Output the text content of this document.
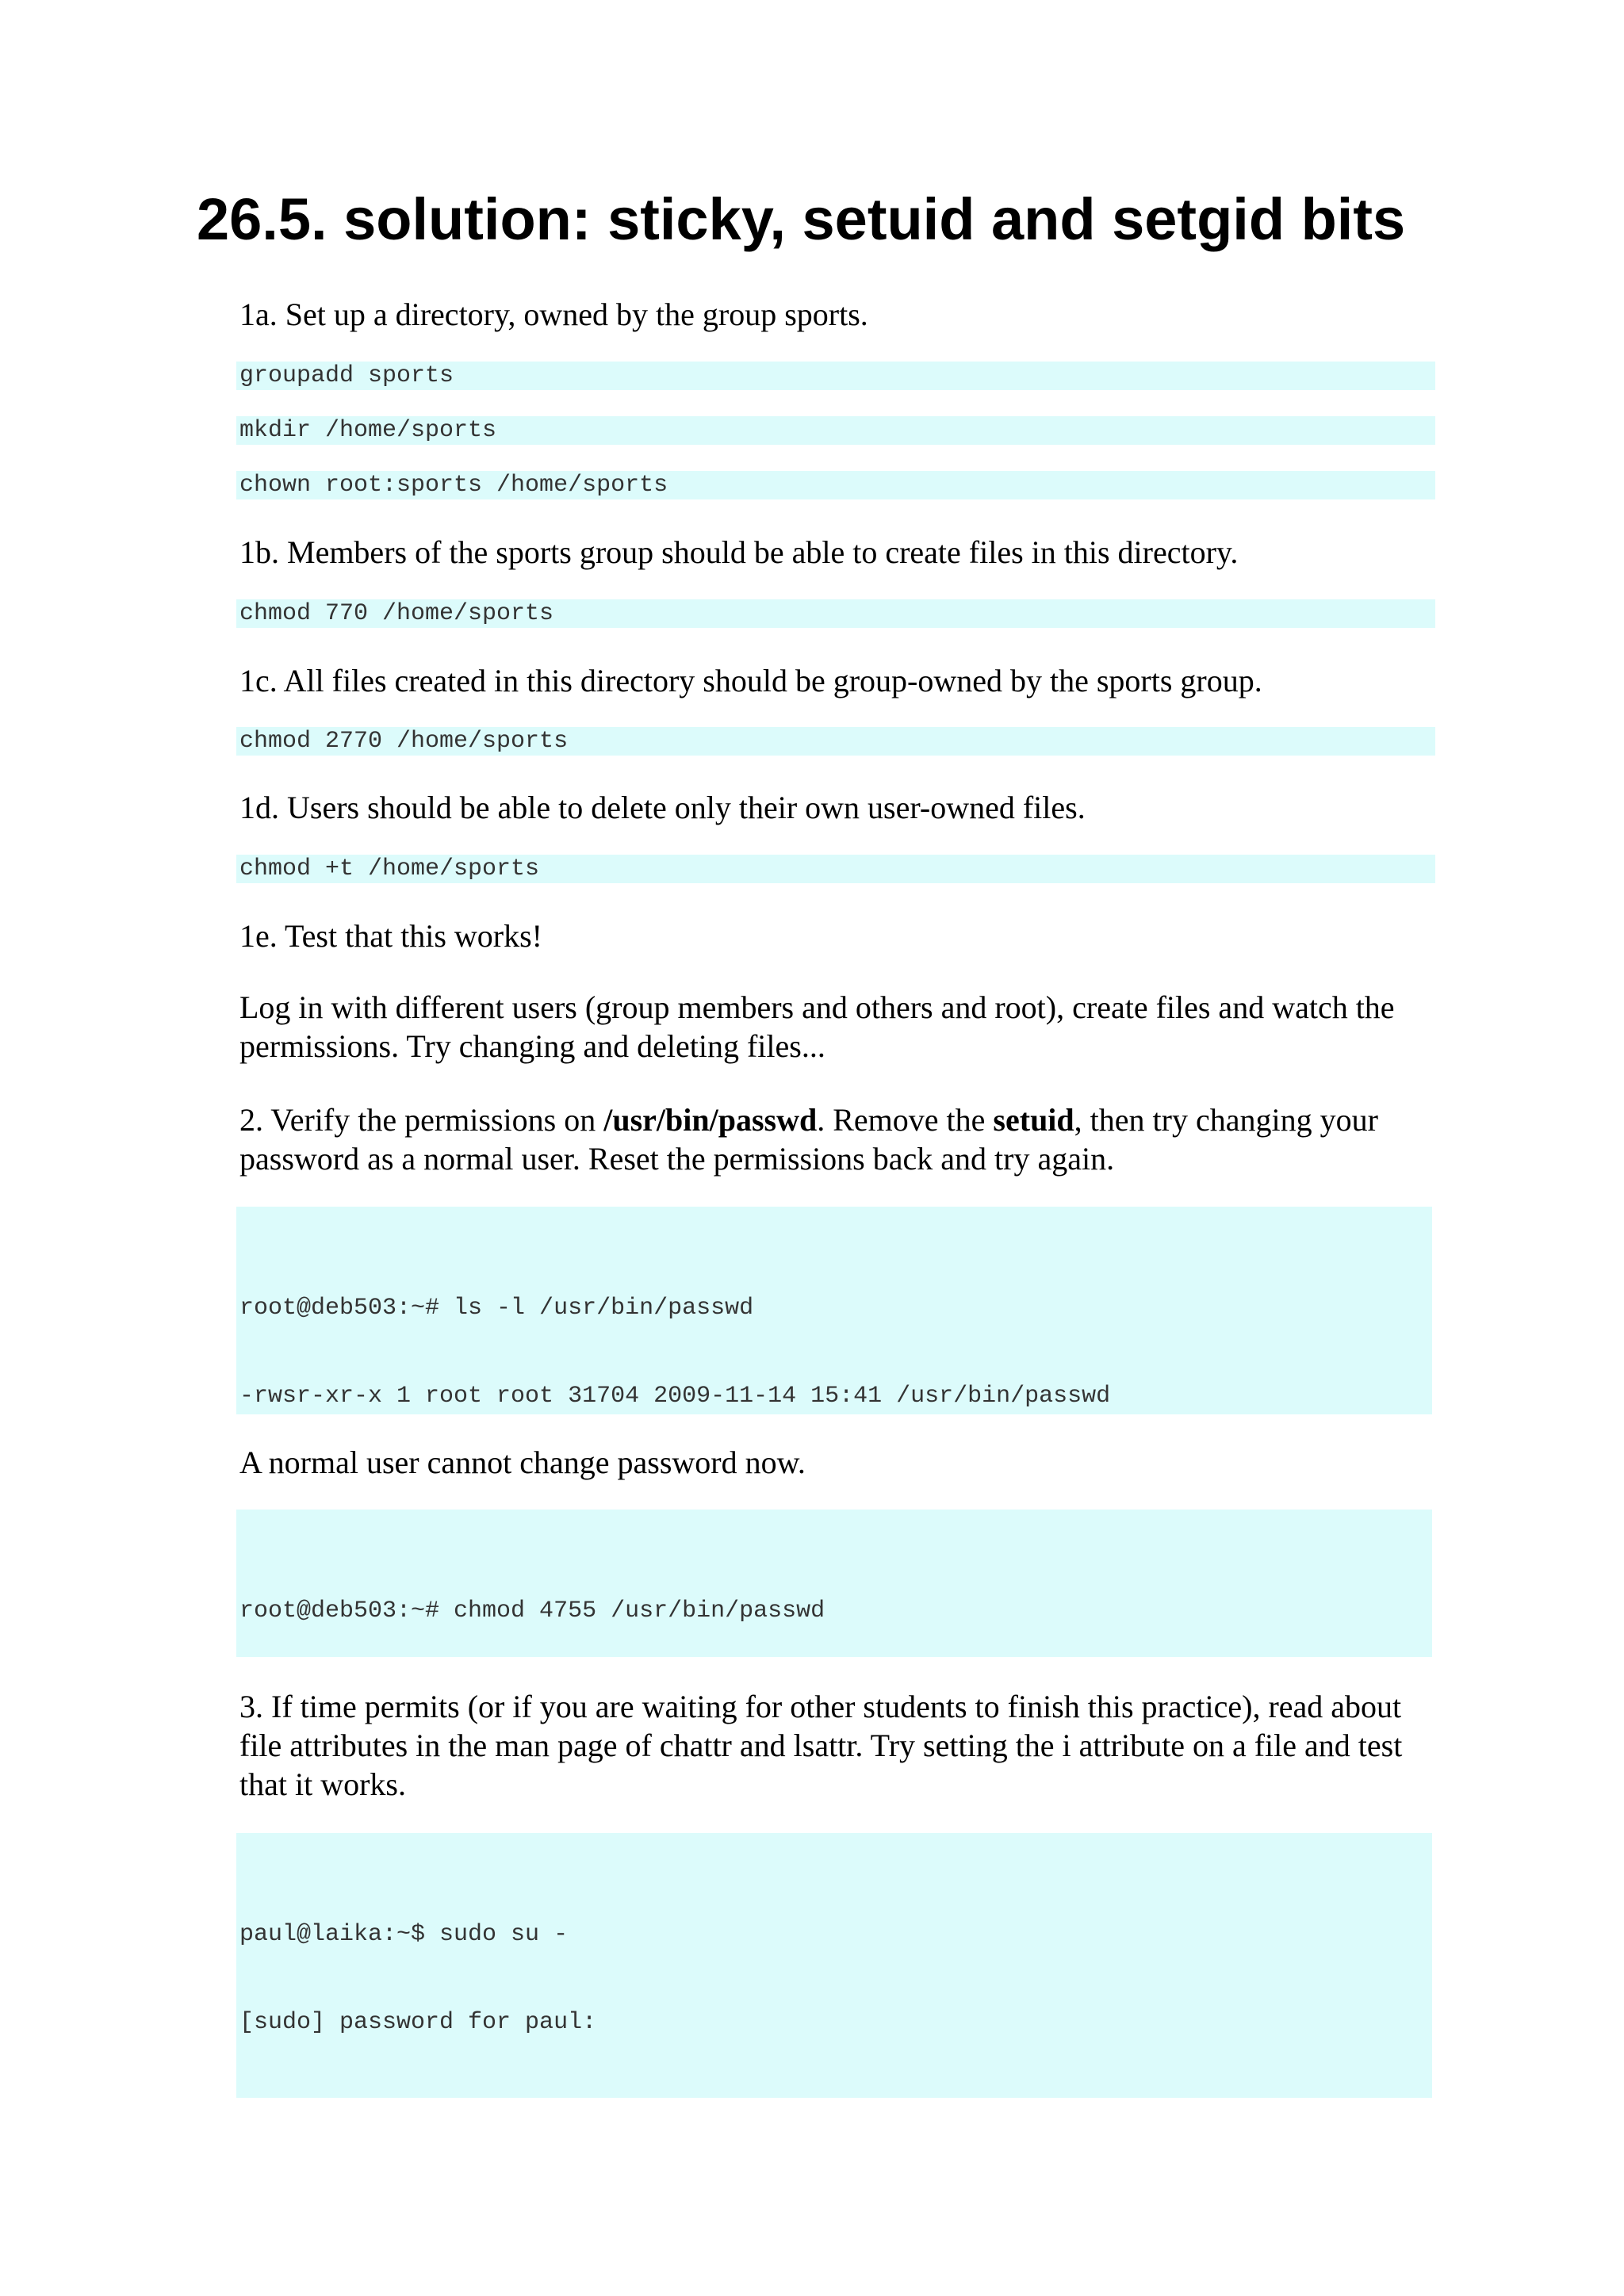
26.5. solution: sticky, setuid and setgid bits

1a. Set up a directory, owned by the group sports.

groupadd sports
mkdir /home/sports
chown root:sports /home/sports

1b. Members of the sports group should be able to create files in this directory.

chmod 770 /home/sports

1c. All files created in this directory should be group-owned by the sports group.

chmod 2770 /home/sports

1d. Users should be able to delete only their own user-owned files.

chmod +t /home/sports

1e. Test that this works!

Log in with different users (group members and others and root), create files and watch the permissions. Try changing and deleting files...

2. Verify the permissions on /usr/bin/passwd. Remove the setuid, then try changing your password as a normal user. Reset the permissions back and try again.

root@deb503:~# ls -l /usr/bin/passwd

-rwsr-xr-x 1 root root 31704 2009-11-14 15:41 /usr/bin/passwd

A normal user cannot change password now.

root@deb503:~# chmod 4755 /usr/bin/passwd

3. If time permits (or if you are waiting for other students to finish this practice), read about file attributes in the man page of chattr and lsattr. Try setting the i attribute on a file and test that it works.

paul@laika:~$ sudo su -

[sudo] password for paul:
